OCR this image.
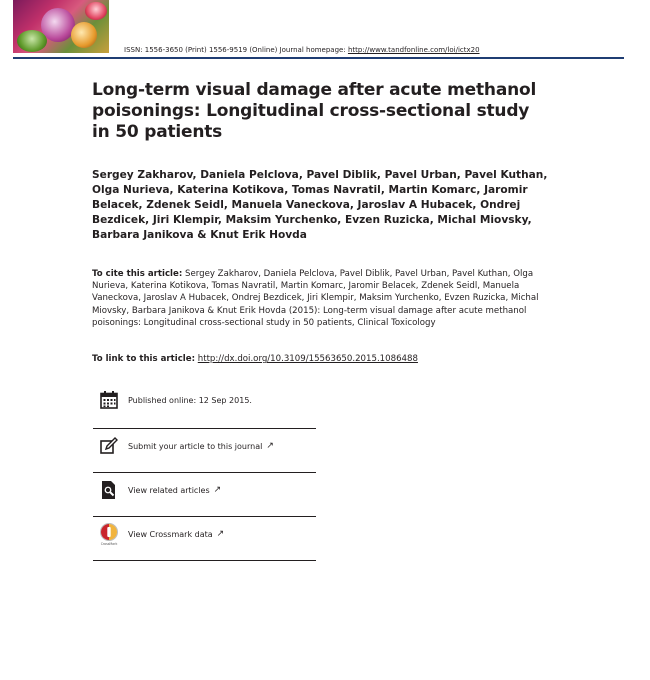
ISSN: 1556-3650 (Print) 1556-9519 (Online) Journal homepage: http://www.tandfonline.com/loi/ictx20
Long-term visual damage after acute methanol poisonings: Longitudinal cross-sectional study in 50 patients
Sergey Zakharov, Daniela Pelclova, Pavel Diblik, Pavel Urban, Pavel Kuthan, Olga Nurieva, Katerina Kotikova, Tomas Navratil, Martin Komarc, Jaromir Belacek, Zdenek Seidl, Manuela Vaneckova, Jaroslav A Hubacek, Ondrej Bezdicek, Jiri Klempir, Maksim Yurchenko, Evzen Ruzicka, Michal Miovsky, Barbara Janikova & Knut Erik Hovda
To cite this article: Sergey Zakharov, Daniela Pelclova, Pavel Diblik, Pavel Urban, Pavel Kuthan, Olga Nurieva, Katerina Kotikova, Tomas Navratil, Martin Komarc, Jaromir Belacek, Zdenek Seidl, Manuela Vaneckova, Jaroslav A Hubacek, Ondrej Bezdicek, Jiri Klempir, Maksim Yurchenko, Evzen Ruzicka, Michal Miovsky, Barbara Janikova & Knut Erik Hovda (2015): Long-term visual damage after acute methanol poisonings: Longitudinal cross-sectional study in 50 patients, Clinical Toxicology
To link to this article: http://dx.doi.org/10.3109/15563650.2015.1086488
Published online: 12 Sep 2015.
Submit your article to this journal ↗
View related articles ↗
CrossMark
View Crossmark data ↗
